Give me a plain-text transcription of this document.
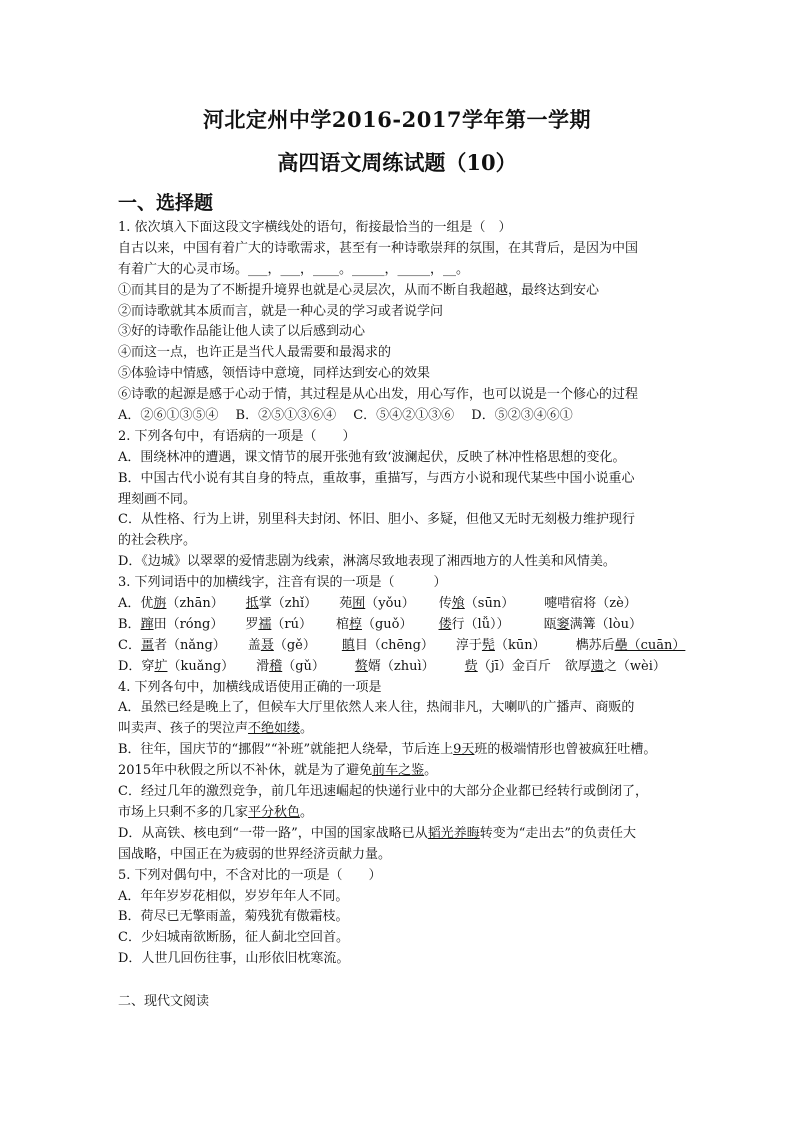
河北定州中学2016-2017学年第一学期
高四语文周练试题（10）
一、选择题
1. 依次填入下面这段文字横线处的语句，衔接最恰当的一组是（　）
自古以来，中国有着广大的诗歌需求，甚至有一种诗歌崇拜的氛围，在其背后，是因为中国
有着广大的心灵市场。___，___，____。_____，_____，__。
①而其目的是为了不断提升境界也就是心灵层次，从而不断自我超越，最终达到安心
②而诗歌就其本质而言，就是一种心灵的学习或者说学问
③好的诗歌作品能让他人读了以后感到动心
④而这一点，也许正是当代人最需要和最渴求的
⑤体验诗中情感，领悟诗中意境，同样达到安心的效果
⑥诗歌的起源是感于心动于情，其过程是从心出发，用心写作，也可以说是一个修心的过程
A．②⑥①③⑤④　 B．②⑤①③⑥④　 C．⑤④②①③⑥　 D．⑤②③④⑥①
2. 下列各句中，有语病的一项是（　　）
A．围绕林冲的遭遇，课文情节的展开张弛有致‘波澜起伏，反映了林冲性格思想的变化。
B．中国古代小说有其自身的特点，重故事，重描写，与西方小说和现代某些中国小说重心
理刻画不同。
C．从性格、行为上讲，别里科夫封闭、怀旧、胆小、多疑，但他又无时无刻极力维护现行
的社会秩序。
D．《边城》以翠翠的爱情悲剧为线索，淋漓尽致地表现了湘西地方的人性美和风情美。
3. 下列词语中的加横线字，注音有误的一项是（　　　）
A．优旃（zhān） 抵掌（zhǐ） 苑囿（yǒu） 传飧（sūn） 嚏唶宿将（zè）
B．蹿田（róng） 罗襦（rú） 棺椁（guǒ） 偻行（lǚ））	瓯窭满篝（lòu）
C．畺者（nǎng） 盖聂（gě） 瞋目（chēng） 淳于髡（kūn） 檇苏后壘（cuān）
D．穿圹（kuǎng） 滑稽（gǔ） 赘婿（zhuì） 赀（jī）金百斤 欲厚遗之（wèi）
4. 下列各句中，加横线成语使用正确的一项是
A．虽然已经是晚上了，但候车大厅里依然人来人往，热闹非凡，大喇叭的广播声、商贩的
叫卖声、孩子的哭泣声不绝如缕。
B．往年，国庆节的“挪假”“补班”就能把人绕晕，节后连上9天班的极端情形也曾被疯狂吐槽。
2015年中秋假之所以不补休，就是为了避免前车之鉴。
C．经过几年的激烈竞争，前几年迅速崛起的快递行业中的大部分企业都已经转行或倒闭了，
市场上只剩不多的几家平分秋色。
D．从高铁、核电到“一带一路”，中国的国家战略已从韬光养晦转变为“走出去”的负责任大
国战略，中国正在为疲弱的世界经济贡献力量。
5. 下列对偶句中，不含对比的一项是（　　）
A．年年岁岁花相似，岁岁年年人不同。
B．荷尽已无擎雨盖，菊残犹有傲霜枝。
C．少妇城南欲断肠，征人蓟北空回首。
D．人世几回伤往事，山形依旧枕寒流。
二、现代文阅读
